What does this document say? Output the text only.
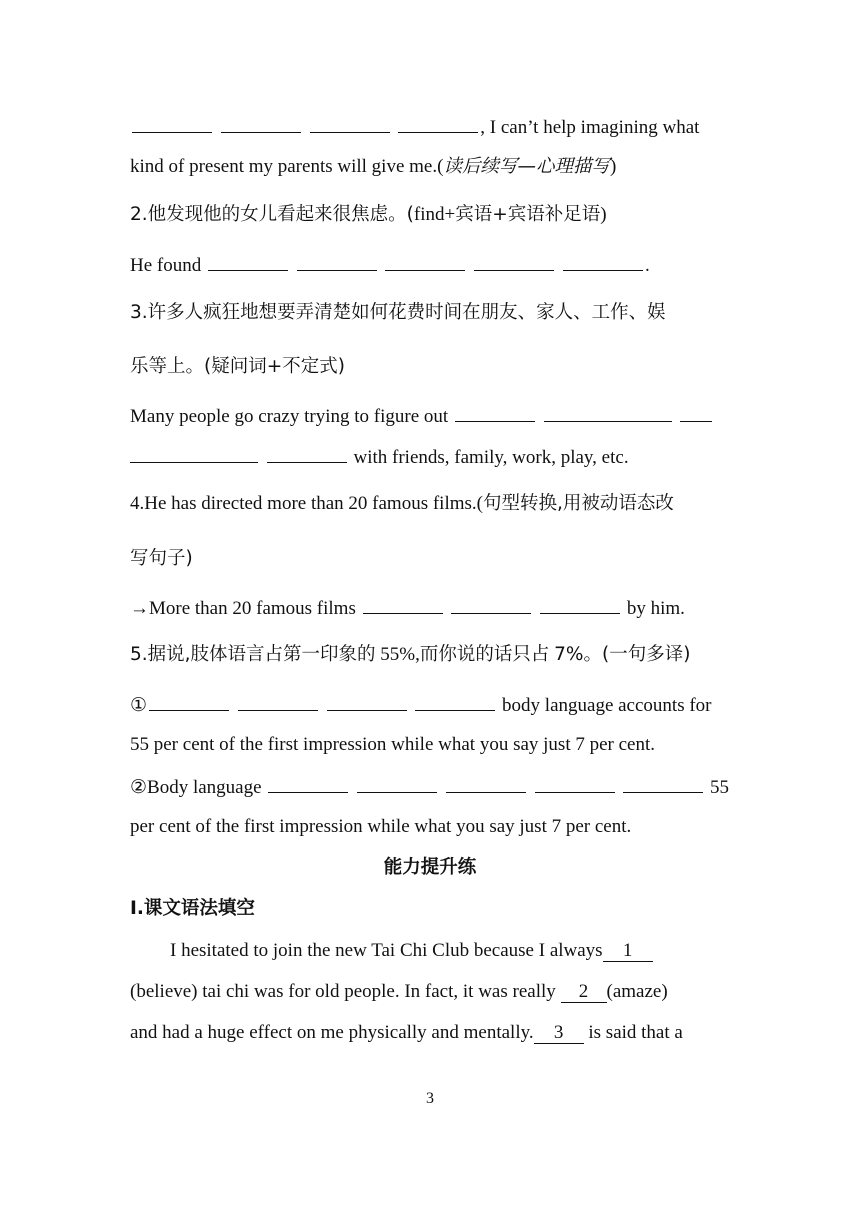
, I can’t help imagining what
kind of present my parents will give me.(读后续写—心理描写)
2.他发现他的女儿看起来很焦虑。(find+宾语+宾语补足语)
He found	.
3.许多人疯狂地想要弄清楚如何花费时间在朋友、家人、工作、娱
乐等上。(疑问词+不定式)
Many people go crazy trying to figure out
with friends, family, work, play, etc.
4.He has directed more than 20 famous films.(句型转换,用被动语态改
写句子)
→More than 20 famous films	by him.
5.据说,肢体语言占第一印象的 55%,而你说的话只占 7%。(一句多译)
①	body language accounts for
55 per cent of the first impression while what you say just 7 per cent.
②Body language	55
per cent of the first impression while what you say just 7 per cent.
能力提升练
Ⅰ.课文语法填空
I hesitated to join the new Tai Chi Club because I always 1
(believe) tai chi was for old people. In fact, it was really 2 (amaze)
and had a huge effect on me physically and mentally. 3 is said that a
3
